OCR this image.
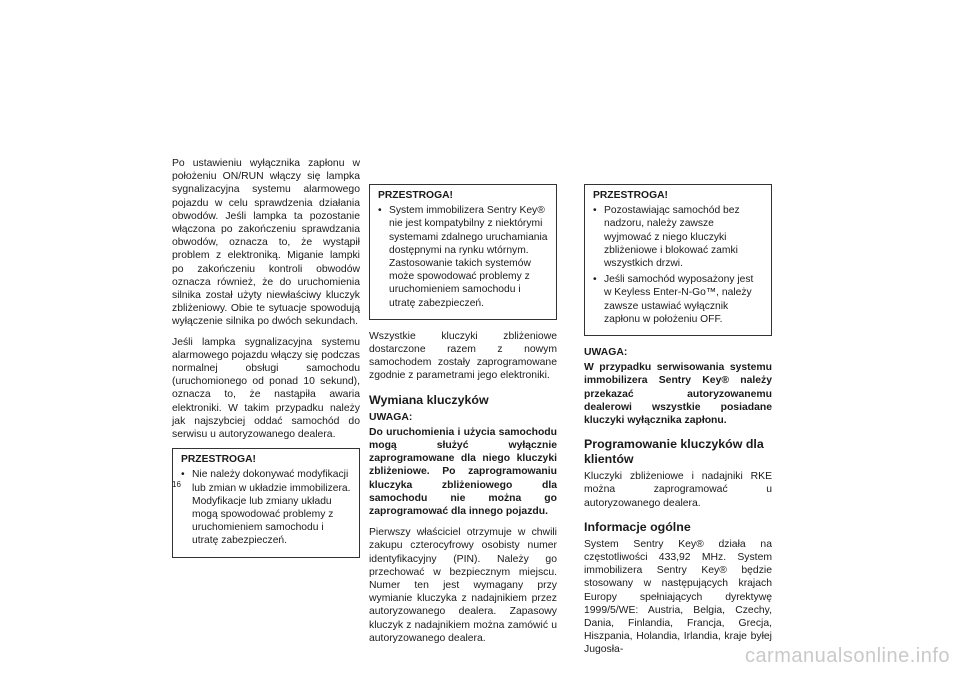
Po ustawieniu wyłącznika zapłonu w położeniu ON/RUN włączy się lampka sygnalizacyjna systemu alarmowego pojazdu w celu sprawdzenia działania obwodów. Jeśli lampka ta pozostanie włączona po zakończeniu sprawdzania obwodów, oznacza to, że wystąpił problem z elektroniką. Miganie lampki po zakończeniu kontroli obwodów oznacza również, że do uruchomienia silnika został użyty niewłaściwy kluczyk zbliżeniowy. Obie te sytuacje spowodują wyłączenie silnika po dwóch sekundach.

Jeśli lampka sygnalizacyjna systemu alarmowego pojazdu włączy się podczas normalnej obsługi samochodu (uruchomionego od ponad 10 sekund), oznacza to, że nastąpiła awaria elektroniki. W takim przypadku należy jak najszybciej oddać samochód do serwisu u autoryzowanego dealera.

PRZESTROGA!
• Nie należy dokonywać modyfikacji lub zmian w układzie immobilizera. Modyfikacje lub zmiany układu mogą spowodować problemy z uruchomieniem samochodu i utratę zabezpieczeń.
PRZESTROGA!
• System immobilizera Sentry Key® nie jest kompatybilny z niektórymi systemami zdalnego uruchamiania dostępnymi na rynku wtórnym. Zastosowanie takich systemów może spowodować problemy z uruchomieniem samochodu i utratę zabezpieczeń.

Wszystkie kluczyki zbliżeniowe dostarczone razem z nowym samochodem zostały zaprogramowane zgodnie z parametrami jego elektroniki.

Wymiana kluczyków
UWAGA:

Do uruchomienia i użycia samochodu mogą służyć wyłącznie zaprogramowane dla niego kluczyki zbliżeniowe. Po zaprogramowaniu kluczyka zbliżeniowego dla samochodu nie można go zaprogramować dla innego pojazdu.

Pierwszy właściciel otrzymuje w chwili zakupu czterocyfrowy osobisty numer identyfikacyjny (PIN). Należy go przechować w bezpiecznym miejscu. Numer ten jest wymagany przy wymianie kluczyka z nadajnikiem przez autoryzowanego dealera. Zapasowy kluczyk z nadajnikiem można zamówić u autoryzowanego dealera.

PRZESTROGA!
• Pozostawiając samochód bez nadzoru, należy zawsze wyjmować z niego kluczyki zbliżeniowe i blokować zamki wszystkich drzwi.
• Jeśli samochód wyposażony jest w Keyless Enter-N-Go™, należy zawsze ustawiać wyłącznik zapłonu w położeniu OFF.
UWAGA:

W przypadku serwisowania systemu immobilizera Sentry Key® należy przekazać autoryzowanemu dealerowi wszystkie posiadane kluczyki wyłącznika zapłonu.

Programowanie kluczyków dla klientów

Kluczyki zbliżeniowe i nadajniki RKE można zaprogramować u autoryzowanego dealera.

Informacje ogólne

System Sentry Key® działa na częstotliwości 433,92 MHz. System immobilizera Sentry Key® będzie stosowany w następujących krajach Europy spełniających dyrektywę 1999/5/WE: Austria, Belgia, Czechy, Dania, Finlandia, Francja, Grecja, Hiszpania, Holandia, Irlandia, kraje byłej Jugosła-

16
carmanualsonline.info
